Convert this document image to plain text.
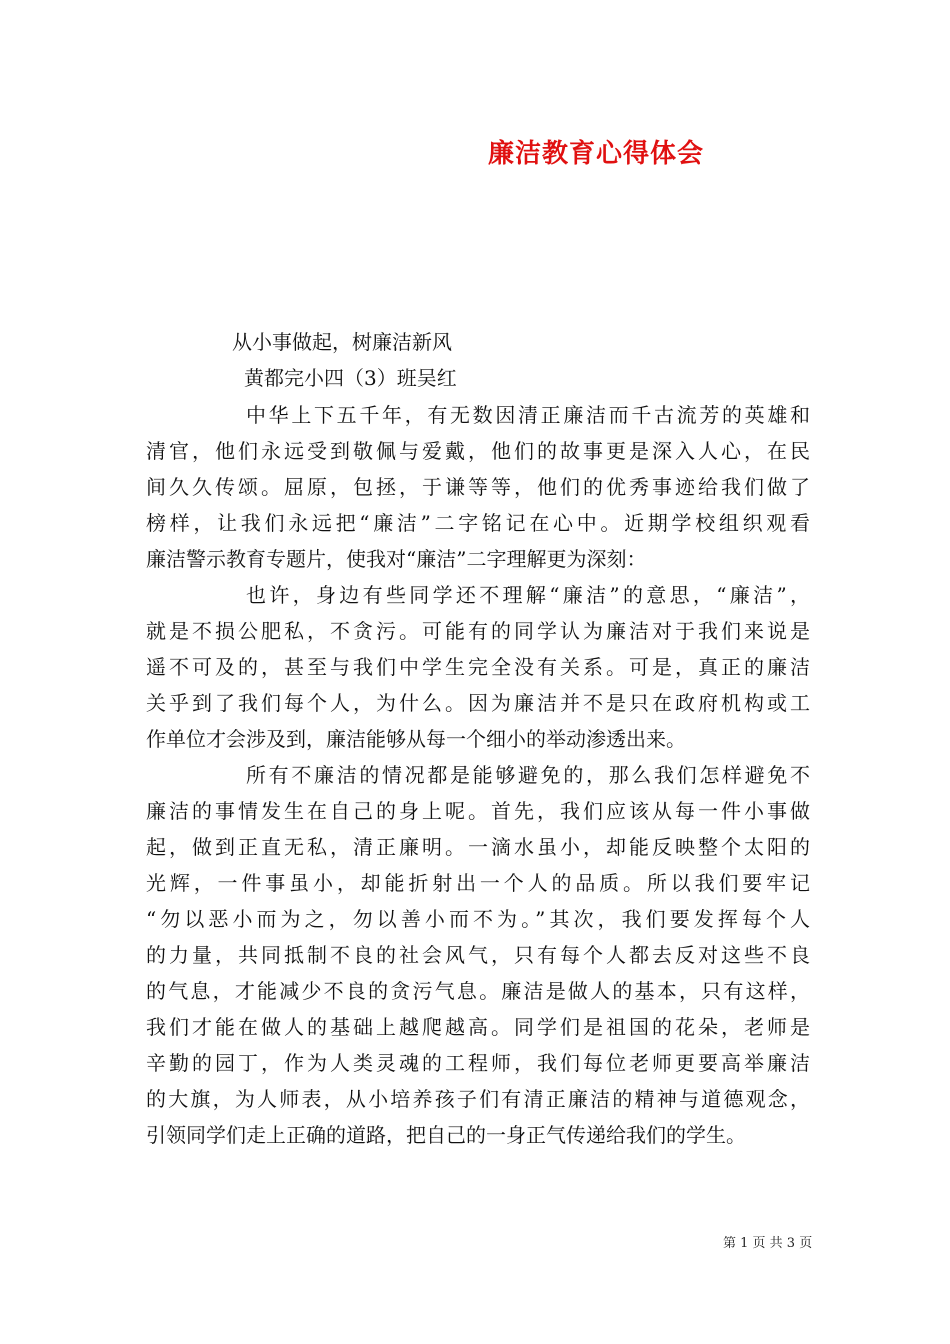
廉洁教育心得体会
从小事做起，树廉洁新风
黄都完小四（3）班吴红
中华上下五千年，有无数因清正廉洁而千古流芳的英雄和
清官，他们永远受到敬佩与爱戴，他们的故事更是深入人心，在民
间久久传颂。屈原，包拯，于谦等等，他们的优秀事迹给我们做了
榜样，让我们永远把“廉洁”二字铭记在心中。近期学校组织观看
廉洁警示教育专题片，使我对“廉洁”二字理解更为深刻：
也许，身边有些同学还不理解“廉洁”的意思，“廉洁”，
就是不损公肥私，不贪污。可能有的同学认为廉洁对于我们来说是
遥不可及的，甚至与我们中学生完全没有关系。可是，真正的廉洁
关乎到了我们每个人，为什么。因为廉洁并不是只在政府机构或工
作单位才会涉及到，廉洁能够从每一个细小的举动渗透出来。
所有不廉洁的情况都是能够避免的，那么我们怎样避免不
廉洁的事情发生在自己的身上呢。首先，我们应该从每一件小事做
起，做到正直无私，清正廉明。一滴水虽小，却能反映整个太阳的
光辉，一件事虽小，却能折射出一个人的品质。所以我们要牢记
“勿以恶小而为之，勿以善小而不为。”其次，我们要发挥每个人
的力量，共同抵制不良的社会风气，只有每个人都去反对这些不良
的气息，才能减少不良的贪污气息。廉洁是做人的基本，只有这样，
我们才能在做人的基础上越爬越高。同学们是祖国的花朵，老师是
辛勤的园丁，作为人类灵魂的工程师，我们每位老师更要高举廉洁
的大旗，为人师表，从小培养孩子们有清正廉洁的精神与道德观念，
引领同学们走上正确的道路，把自己的一身正气传递给我们的学生。
第 1 页 共 3 页
